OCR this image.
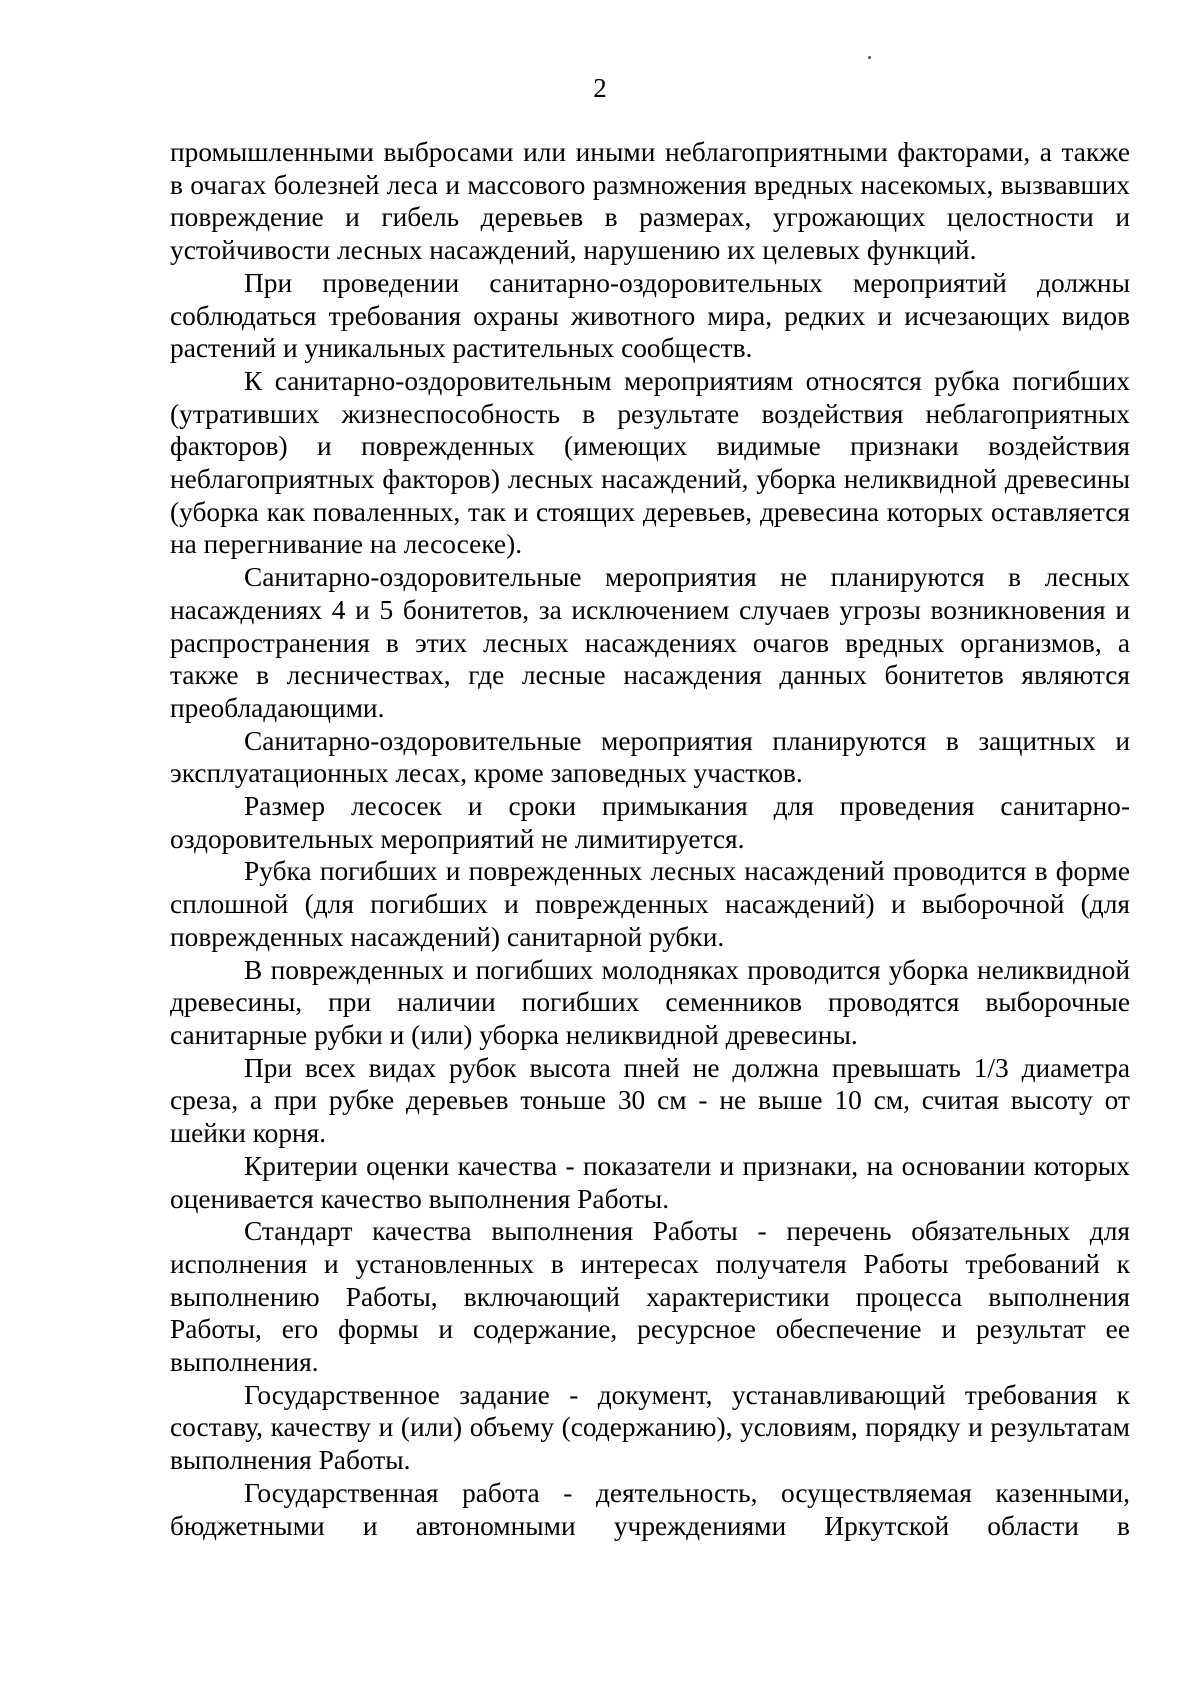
2

промышленными выбросами или иными неблагоприятными факторами, а также в очагах болезней леса и массового размножения вредных насекомых, вызвавших повреждение и гибель деревьев в размерах, угрожающих целостности и устойчивости лесных насаждений, нарушению их целевых функций.

При проведении санитарно-оздоровительных мероприятий должны соблюдаться требования охраны животного мира, редких и исчезающих видов растений и уникальных растительных сообществ.

К санитарно-оздоровительным мероприятиям относятся рубка погибших (утративших жизнеспособность в результате воздействия неблагоприятных факторов) и поврежденных (имеющих видимые признаки воздействия неблагоприятных факторов) лесных насаждений, уборка неликвидной древесины (уборка как поваленных, так и стоящих деревьев, древесина которых оставляется на перегнивание на лесосеке).

Санитарно-оздоровительные мероприятия не планируются в лесных насаждениях 4 и 5 бонитетов, за исключением случаев угрозы возникновения и распространения в этих лесных насаждениях очагов вредных организмов, а также в лесничествах, где лесные насаждения данных бонитетов являются преобладающими.

Санитарно-оздоровительные мероприятия планируются в защитных и эксплуатационных лесах, кроме заповедных участков.

Размер лесосек и сроки примыкания для проведения санитарно-оздоровительных мероприятий не лимитируется.

Рубка погибших и поврежденных лесных насаждений проводится в форме сплошной (для погибших и поврежденных насаждений) и выборочной (для поврежденных насаждений) санитарной рубки.

В поврежденных и погибших молодняках проводится уборка неликвидной древесины, при наличии погибших семенников проводятся выборочные санитарные рубки и (или) уборка неликвидной древесины.

При всех видах рубок высота пней не должна превышать 1/3 диаметра среза, а при рубке деревьев тоньше 30 см - не выше 10 см, считая высоту от шейки корня.

Критерии оценки качества - показатели и признаки, на основании которых оценивается качество выполнения Работы.

Стандарт качества выполнения Работы - перечень обязательных для исполнения и установленных в интересах получателя Работы требований к выполнению Работы, включающий характеристики процесса выполнения Работы, его формы и содержание, ресурсное обеспечение и результат ее выполнения.

Государственное задание - документ, устанавливающий требования к составу, качеству и (или) объему (содержанию), условиям, порядку и результатам выполнения Работы.

Государственная работа - деятельность, осуществляемая казенными, бюджетными и автономными учреждениями Иркутской области в
